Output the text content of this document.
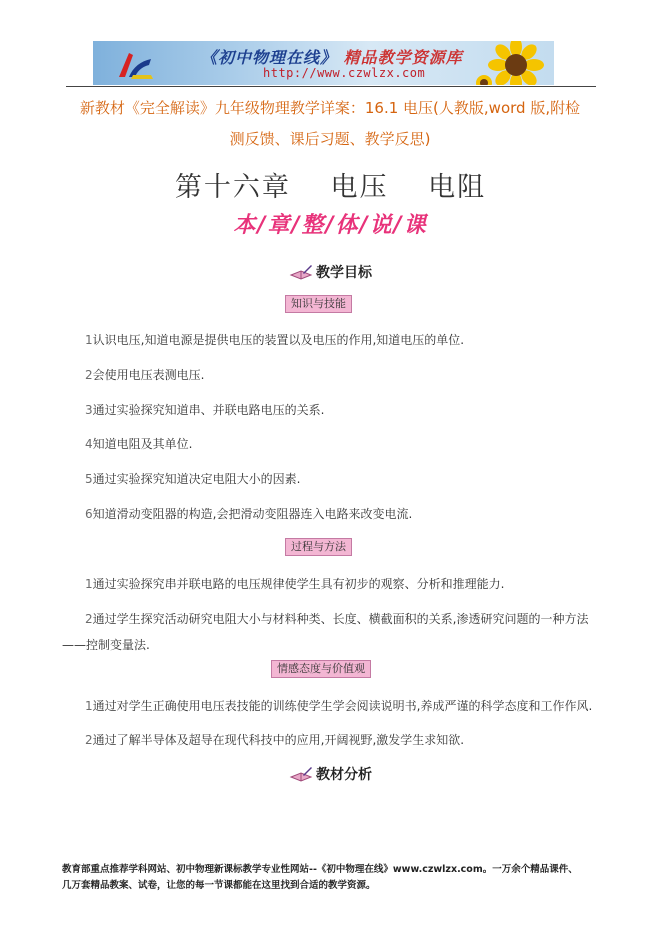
《初中物理在线》 精品教学资源库
http://www.czwlzx.com
新教材《完全解读》九年级物理教学详案：16.1 电压(人教版,word 版,附检
测反馈、课后习题、教学反思)
第十六章　 电压　 电阻
本/章/整/体/说/课
教学目标
知识与技能
1认识电压,知道电源是提供电压的装置以及电压的作用,知道电压的单位.
2会使用电压表测电压.
3通过实验探究知道串、并联电路电压的关系.
4知道电阻及其单位.
5通过实验探究知道决定电阻大小的因素.
6知道滑动变阻器的构造,会把滑动变阻器连入电路来改变电流.
过程与方法
1通过实验探究串并联电路的电压规律使学生具有初步的观察、分析和推理能力.
2通过学生探究活动研究电阻大小与材料种类、长度、横截面积的关系,渗透研究问题的一种方法
——控制变量法.
情感态度与价值观
1通过对学生正确使用电压表技能的训练使学生学会阅读说明书,养成严谨的科学态度和工作作风.
2通过了解半导体及超导在现代科技中的应用,开阔视野,激发学生求知欲.
教材分析
教育部重点推荐学科网站、初中物理新课标教学专业性网站--《初中物理在线》www.czwlzx.com。一万余个精品课件、
几万套精品教案、试卷，让您的每一节课都能在这里找到合适的教学资源。
